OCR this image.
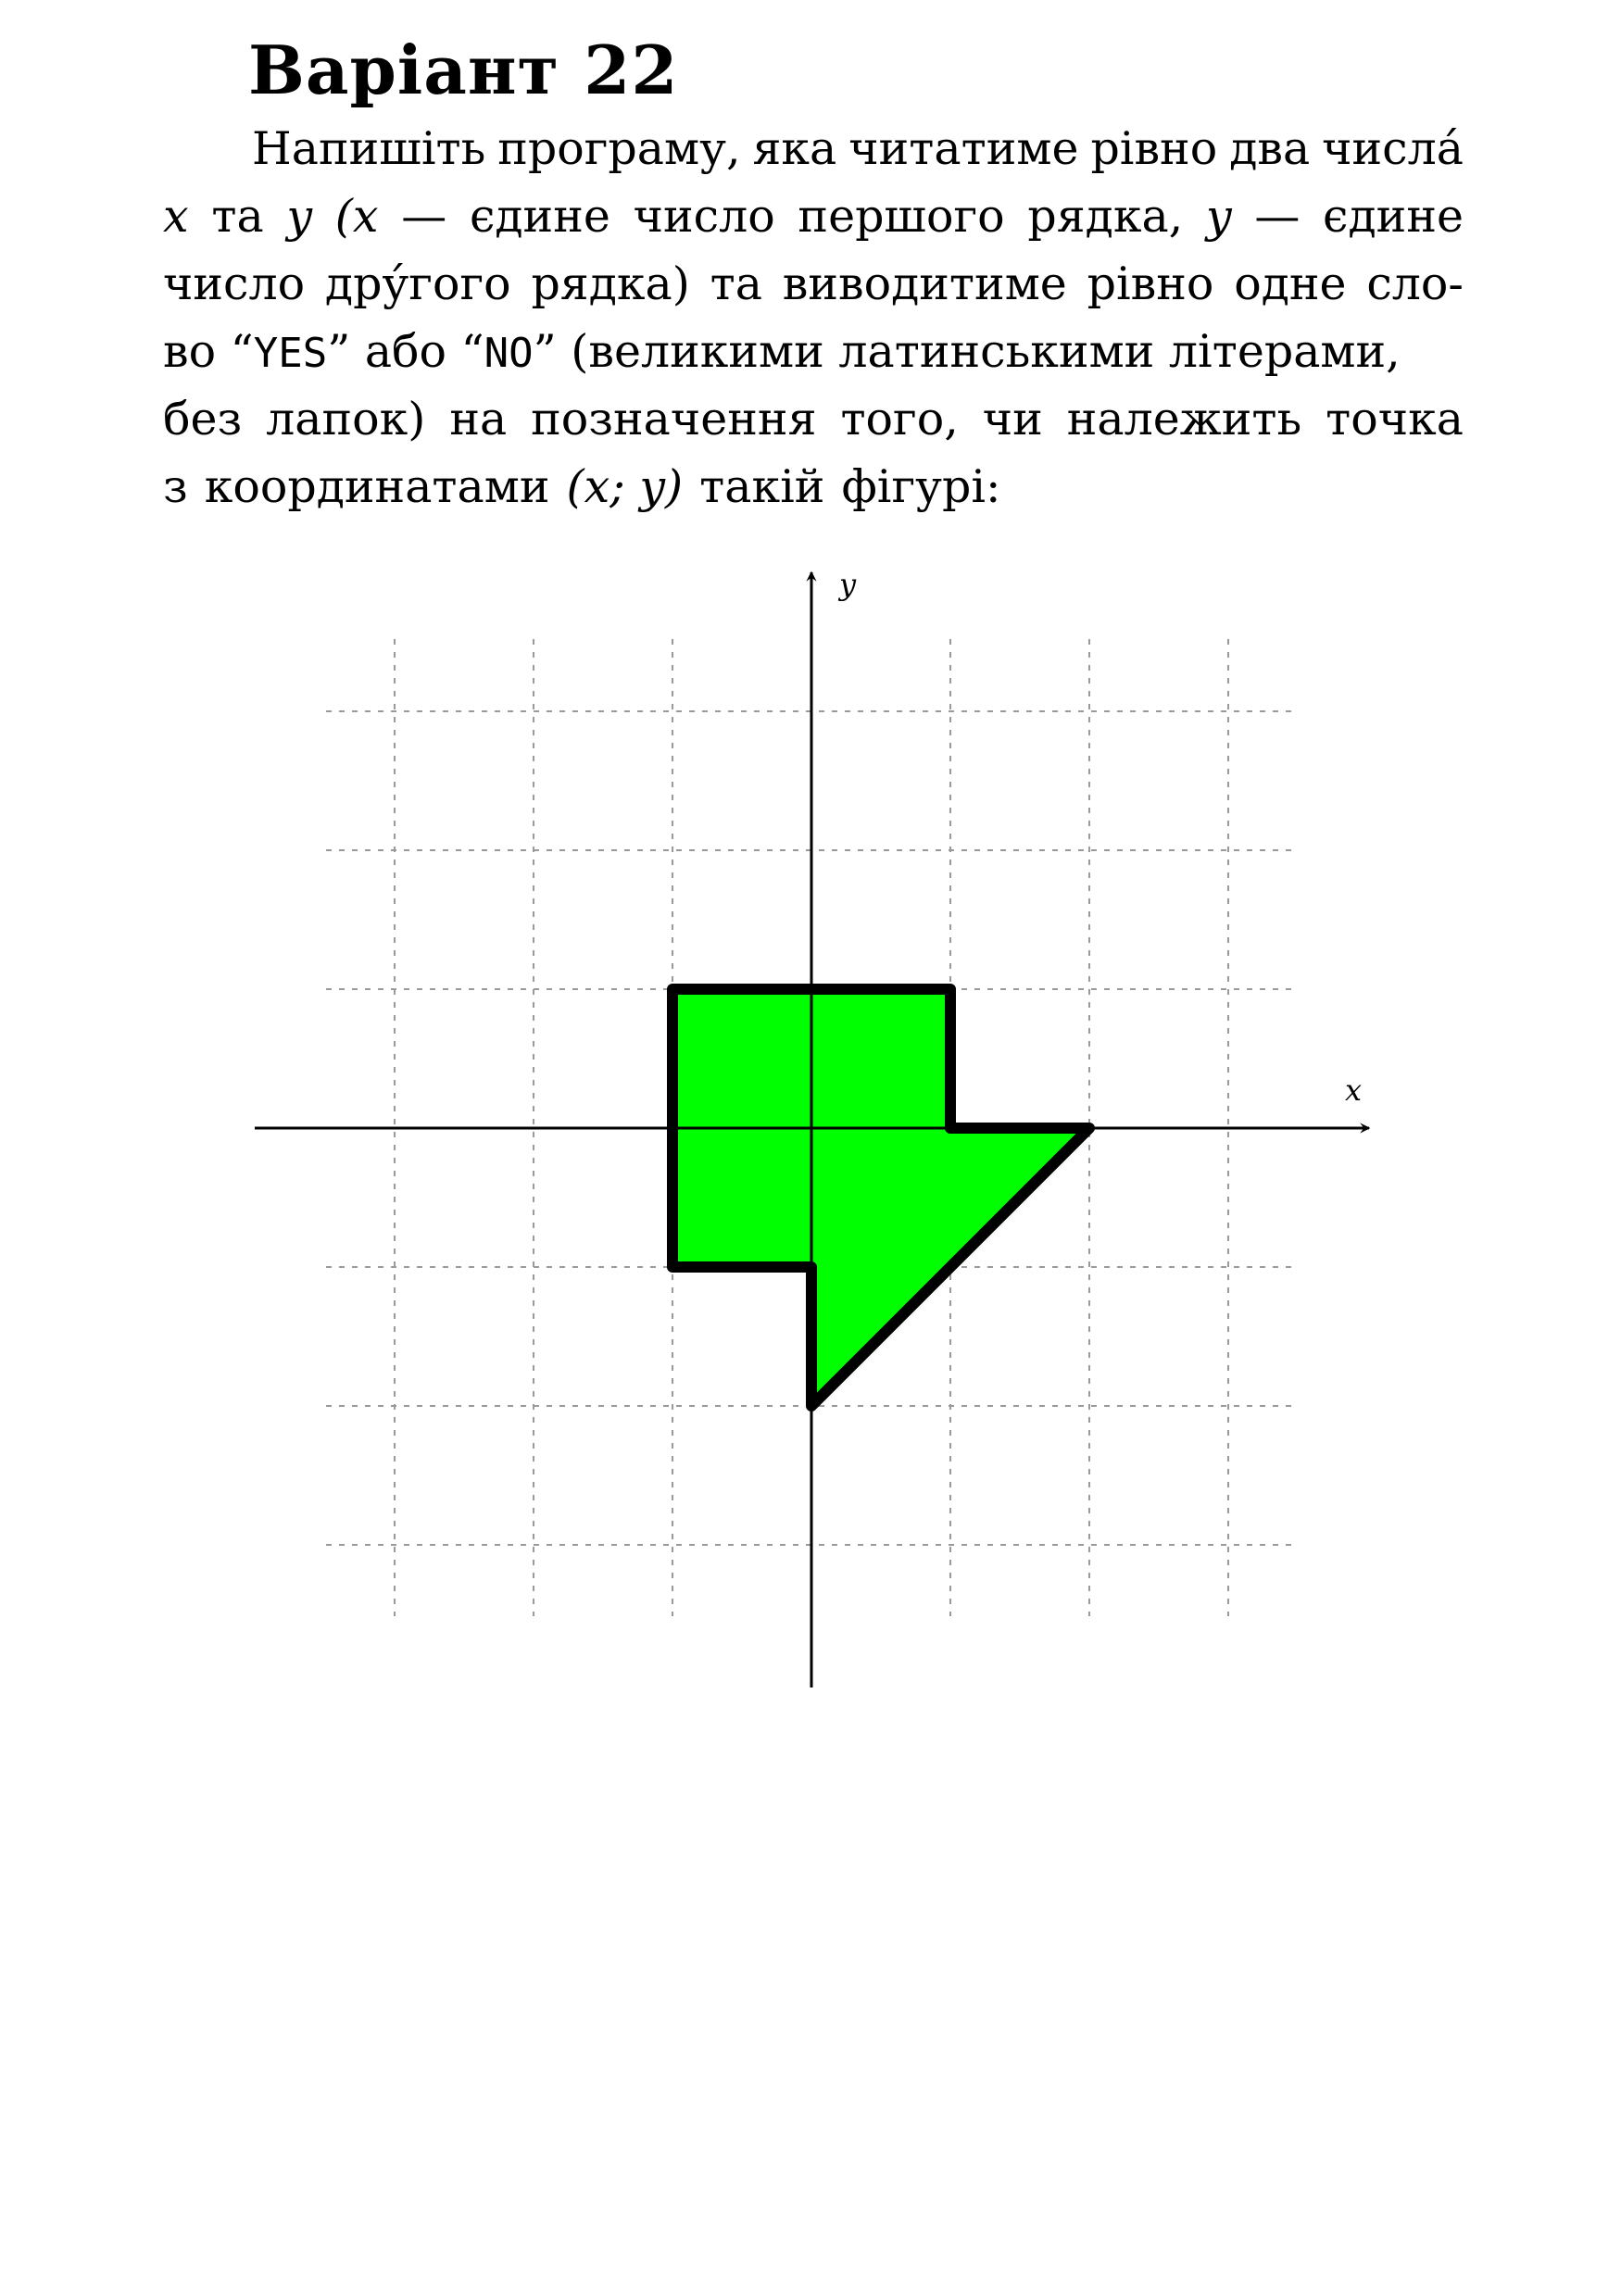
Варіант 22
Напишіть програму, яка читатиме рівно два числа́
x та y (x — єдине число першого рядка, y — єдине
число дру́гого рядка) та виводитиме рівно одне сло-
во “YES” або “NO” (великими латинськими літерами,
без лапок) на позначення того, чи належить точка
з координатами (x; y) такій фігурі:
x
y
